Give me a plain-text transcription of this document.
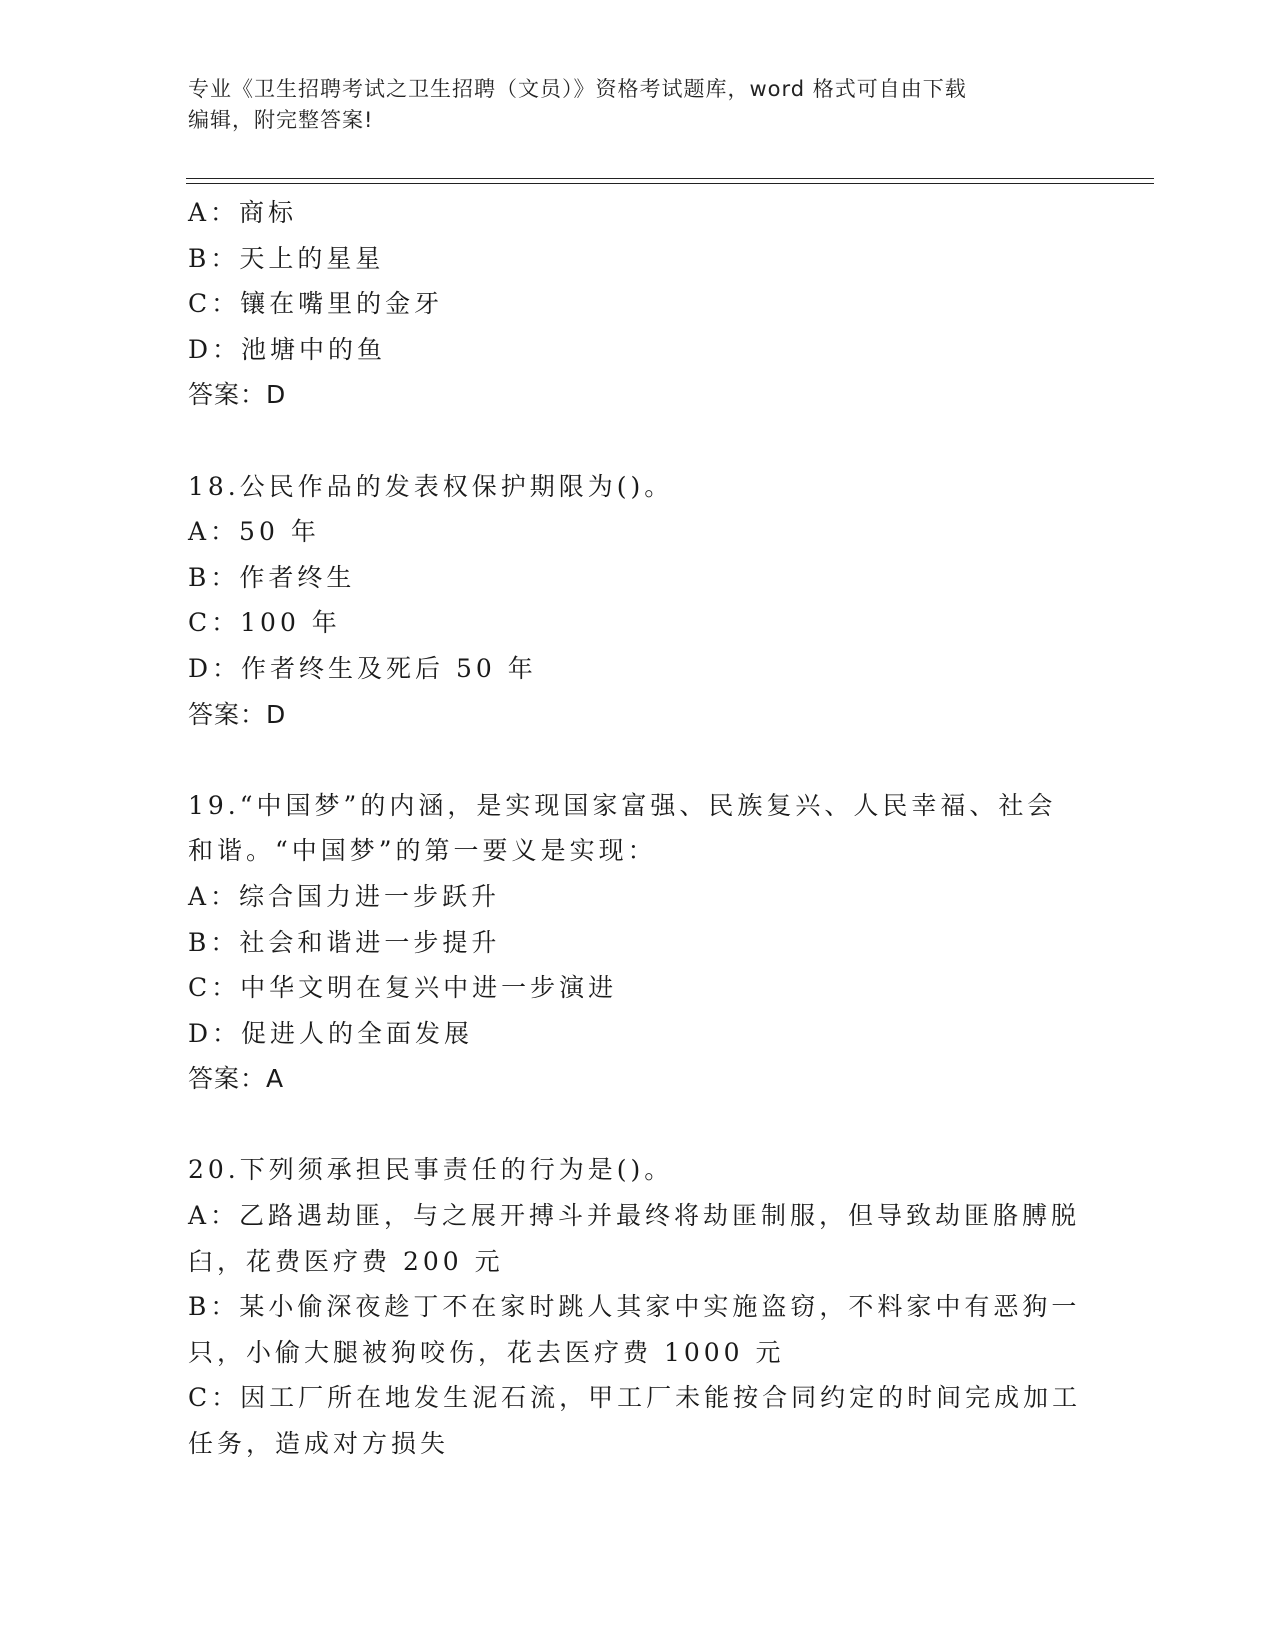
专业《卫生招聘考试之卫生招聘（文员）》资格考试题库，word 格式可自由下载
编辑，附完整答案!

A：商标

B：天上的星星

C：镶在嘴里的金牙

D：池塘中的鱼

答案：D

18.公民作品的发表权保护期限为()。

A：50 年

B：作者终生

C：100 年

D：作者终生及死后 50 年

答案：D

19.“中国梦”的内涵，是实现国家富强、民族复兴、人民幸福、社会

和谐。“中国梦”的第一要义是实现：

A：综合国力进一步跃升

B：社会和谐进一步提升

C：中华文明在复兴中进一步演进

D：促进人的全面发展

答案：A

20.下列须承担民事责任的行为是()。

A：乙路遇劫匪，与之展开搏斗并最终将劫匪制服，但导致劫匪胳膊脱

臼，花费医疗费 200 元

B：某小偷深夜趁丁不在家时跳人其家中实施盗窃，不料家中有恶狗一

只，小偷大腿被狗咬伤，花去医疗费 1000 元

C：因工厂所在地发生泥石流，甲工厂未能按合同约定的时间完成加工

任务，造成对方损失
